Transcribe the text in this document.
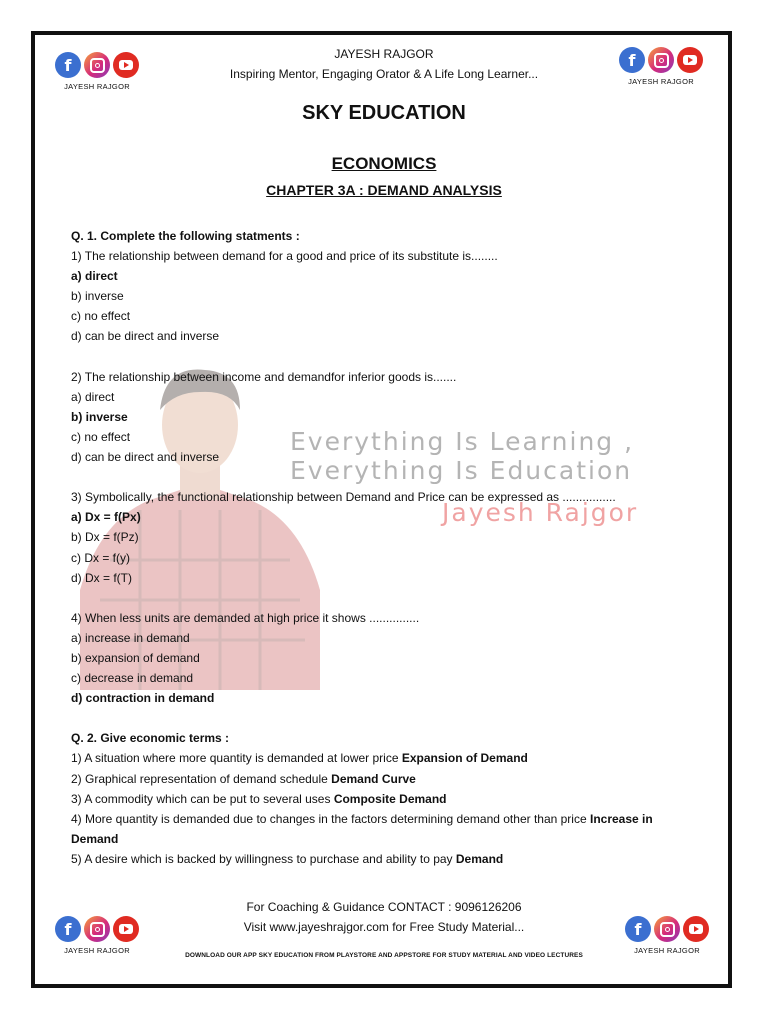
f
JAYESH RAJGOR
f
JAYESH RAJGOR
JAYESH RAJGOR
Inspiring Mentor, Engaging Orator & A Life Long Learner...
SKY EDUCATION
ECONOMICS
CHAPTER 3A : DEMAND ANALYSIS
Everything Is Learning ,
Everything Is Education
Jayesh Rajgor

Q. 1. Complete the following statments :

1) The relationship between demand for a good and price of its substitute is........

a) direct

b) inverse

c) no effect

d) can be direct and inverse

2) The relationship between income and demandfor inferior goods is.......

a) direct

b) inverse

c) no effect

d) can be direct and inverse

3) Symbolically, the functional relationship between Demand and Price can be expressed as ................

a) Dx = f(Px)

b) Dx = f(Pz)

c) Dx = f(y)

d) Dx = f(T)

4) When less units are demanded at high price it shows ...............

a) increase in demand

b) expansion of demand

c) decrease in demand

d) contraction in demand

Q. 2. Give economic terms :

1) A situation where more quantity is demanded at lower price Expansion of Demand

2) Graphical representation of demand schedule Demand Curve

3) A commodity which can be put to several uses Composite Demand

4) More quantity is demanded due to changes in the factors determining demand other than price Increase in

Demand

5) A desire which is backed by willingness to purchase and ability to pay Demand

For Coaching & Guidance CONTACT : 9096126206
Visit www.jayeshrajgor.com for Free Study Material...
DOWNLOAD OUR APP SKY EDUCATION FROM PLAYSTORE AND APPSTORE FOR STUDY MATERIAL AND VIDEO LECTURES
f
JAYESH RAJGOR
f
JAYESH RAJGOR
